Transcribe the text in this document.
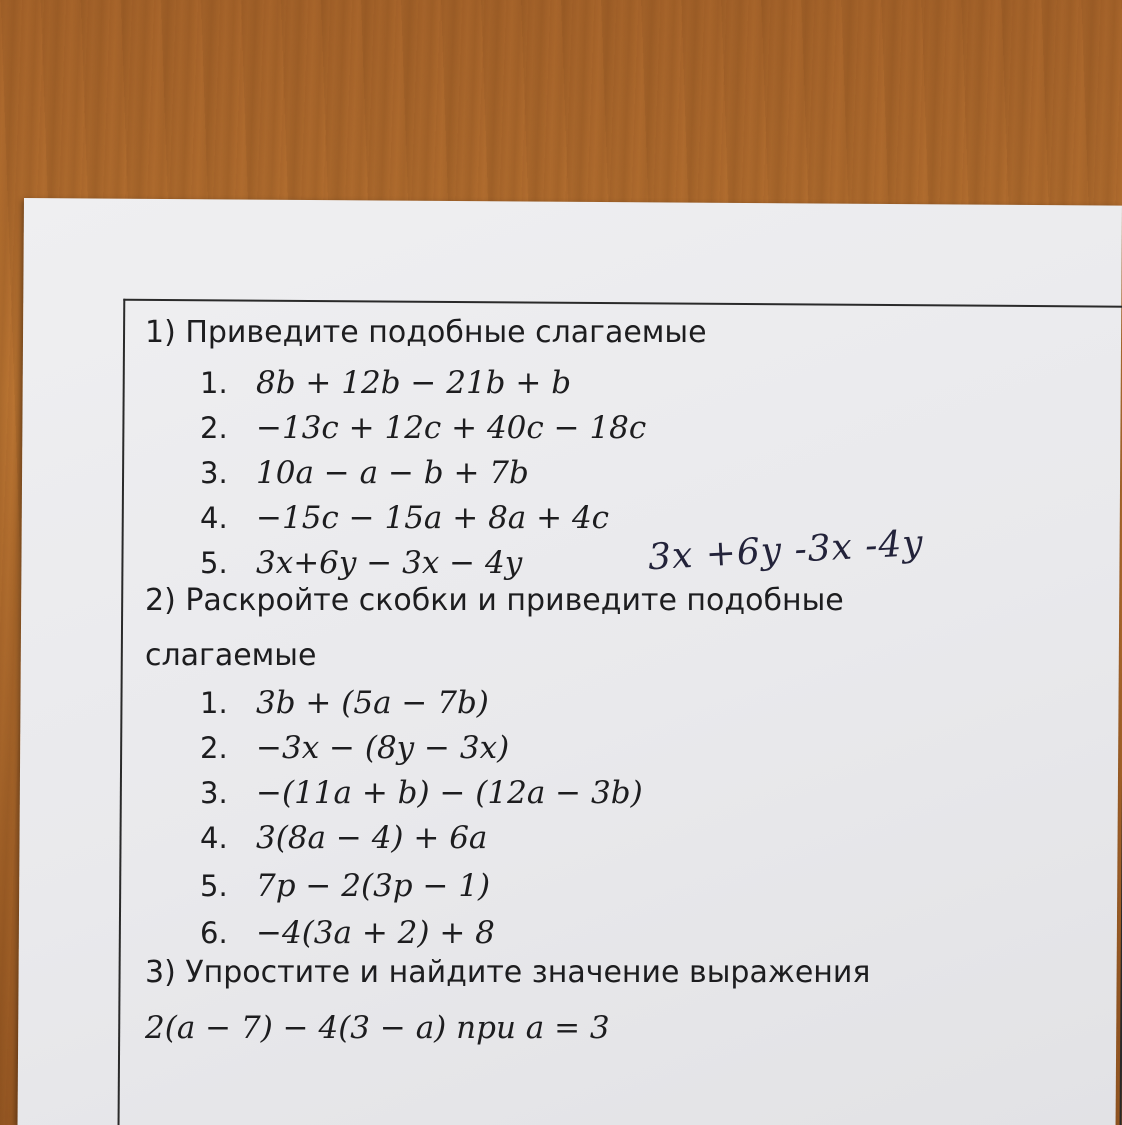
1) Приведите подобные слагаемые
1. 8b + 12b − 21b + b
2. −13c + 12c + 40c − 18c
3. 10a − a − b + 7b
4. −15c − 15a + 8a + 4c
5. 3x+6y − 3x − 4y	3x +6y -3x -4y
2) Раскройте скобки и приведите подобные
слагаемые
1. 3b + (5a − 7b)
2. −3x − (8y − 3x)
3. −(11a + b) − (12a − 3b)
4. 3(8a − 4) + 6a
5. 7p − 2(3p − 1)
6. −4(3a + 2) + 8
3) Упростите и найдите значение выражения
2(a − 7) − 4(3 − a) при a = 3
